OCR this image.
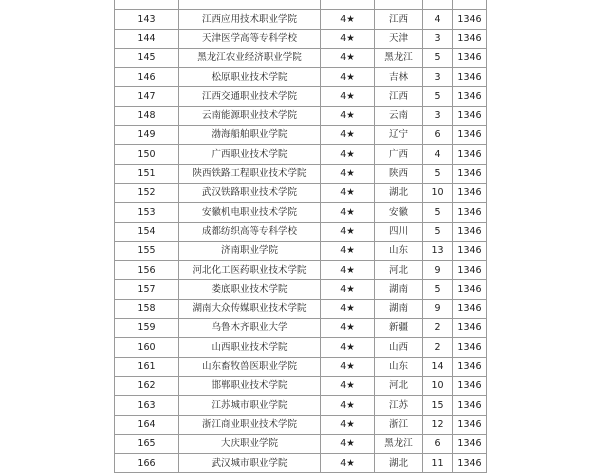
143	江西应用技术职业学院	4★	江西	4	1346
144	天津医学高等专科学校	4★	天津	3	1346
145	黑龙江农业经济职业学院	4★	黑龙江	5	1346
146	松原职业技术学院	4★	吉林	3	1346
147	江西交通职业技术学院	4★	江西	5	1346
148	云南能源职业技术学院	4★	云南	3	1346
149	渤海船舶职业学院	4★	辽宁	6	1346
150	广西职业技术学院	4★	广西	4	1346
151	陕西铁路工程职业技术学院	4★	陕西	5	1346
152	武汉铁路职业技术学院	4★	湖北	10	1346
153	安徽机电职业技术学院	4★	安徽	5	1346
154	成都纺织高等专科学校	4★	四川	5	1346
155	济南职业学院	4★	山东	13	1346
156	河北化工医药职业技术学院	4★	河北	9	1346
157	娄底职业技术学院	4★	湖南	5	1346
158	湖南大众传媒职业技术学院	4★	湖南	9	1346
159	乌鲁木齐职业大学	4★	新疆	2	1346
160	山西职业技术学院	4★	山西	2	1346
161	山东畜牧兽医职业学院	4★	山东	14	1346
162	邯郸职业技术学院	4★	河北	10	1346
163	江苏城市职业学院	4★	江苏	15	1346
164	浙江商业职业技术学院	4★	浙江	12	1346
165	大庆职业学院	4★	黑龙江	6	1346
166	武汉城市职业学院	4★	湖北	11	1346
